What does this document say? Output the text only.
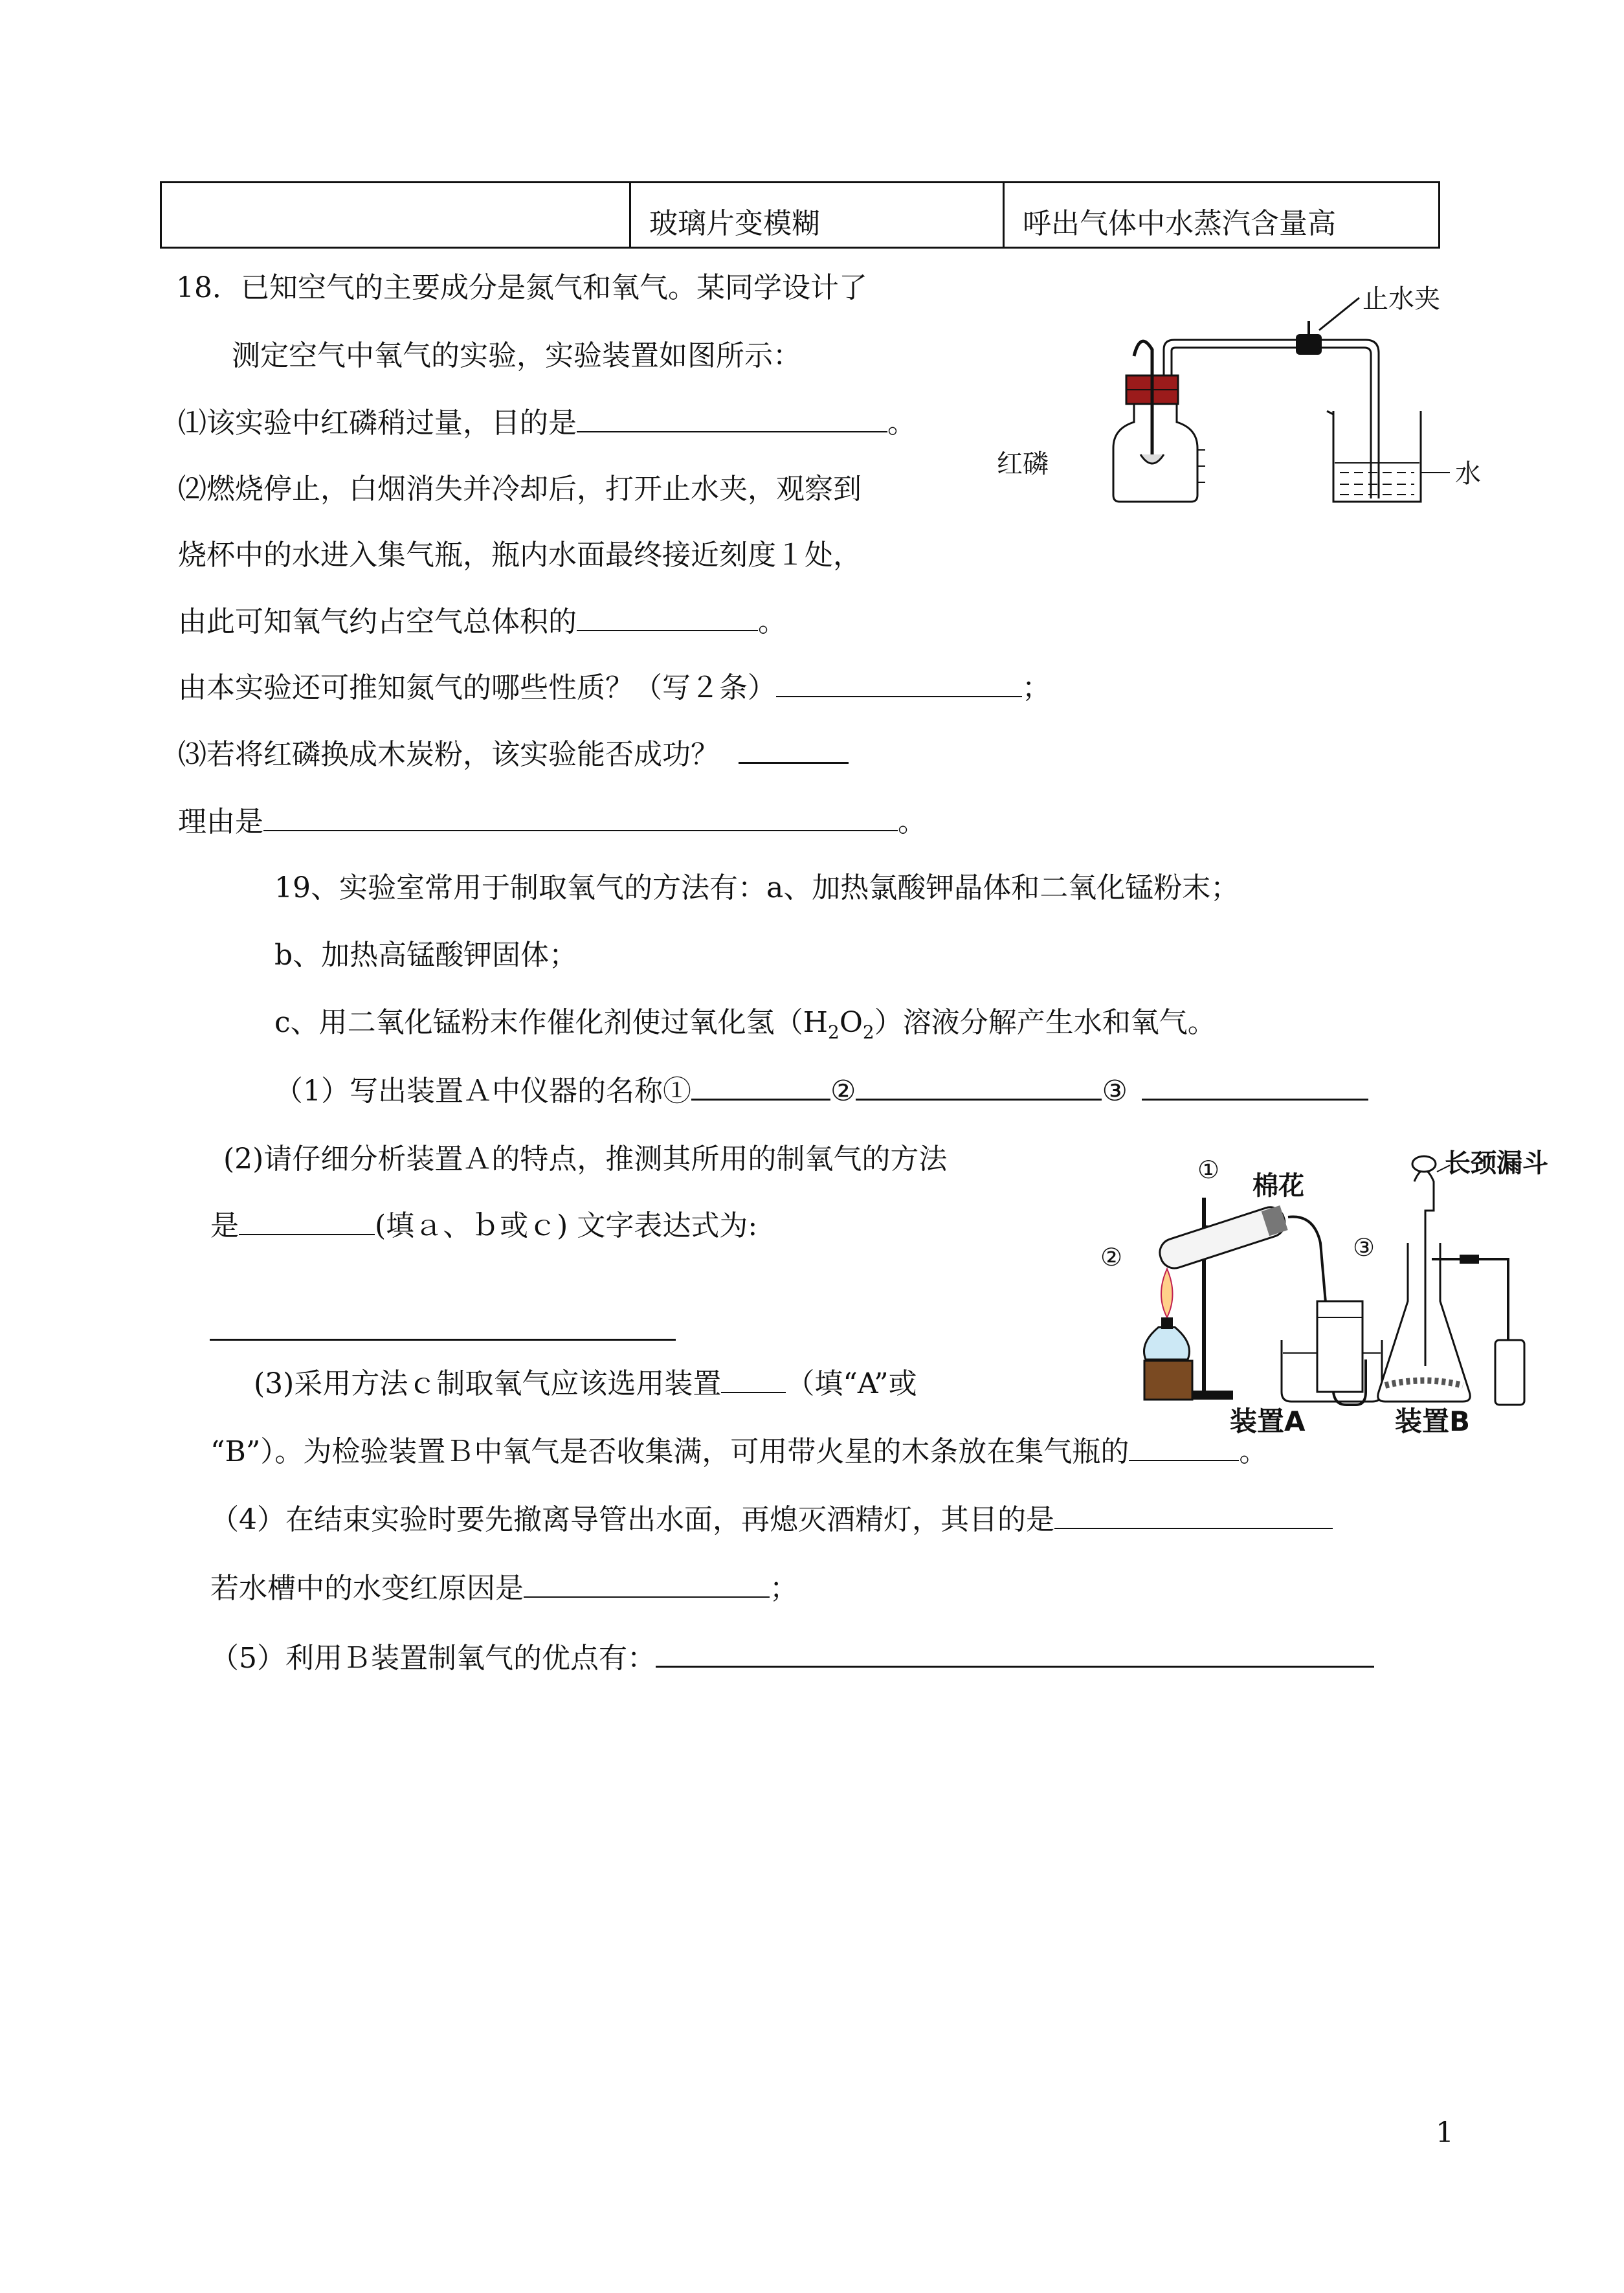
	玻璃片变模糊	呼出气体中水蒸汽含量高
18．已知空气的主要成分是氮气和氧气。某同学设计了
测定空气中氧气的实验，实验装置如图所示：
⑴该实验中红磷稍过量，目的是	。
⑵燃烧停止，白烟消失并冷却后，打开止水夹，观察到
烧杯中的水进入集气瓶，瓶内水面最终接近刻度１处，
由此可知氧气约占空气总体积的	。
由本实验还可推知氮气的哪些性质？（写２条）	；
⑶若将红磷换成木炭粉，该实验能否成功？
理由是	。
止水夹
水
红磷
19、实验室常用于制取氧气的方法有：a、加热氯酸钾晶体和二氧化锰粉末；
b、加热高锰酸钾固体；
c、用二氧化锰粉末作催化剂使过氧化氢$(H_2O_2)$溶液分解产生水和氧气。
（1）写出装置Ａ中仪器的名称①	②	③
(2)请仔细分析装置Ａ的特点，推测其所用的制氧气的方法
是	(填ａ、ｂ或ｃ) 文字表达式为:
(3)采用方法ｃ制取氧气应该选用装置 （填“A”或
“B”）。为检验装置Ｂ中氧气是否收集满，可用带火星的木条放在集气瓶的	。
（4）在结束实验时要先撤离导管出水面，再熄灭酒精灯，其目的是
若水槽中的水变红原因是	；
（5）利用Ｂ装置制氧气的优点有：
①
②
棉花
③
装置A
长颈漏斗
装置B
1
